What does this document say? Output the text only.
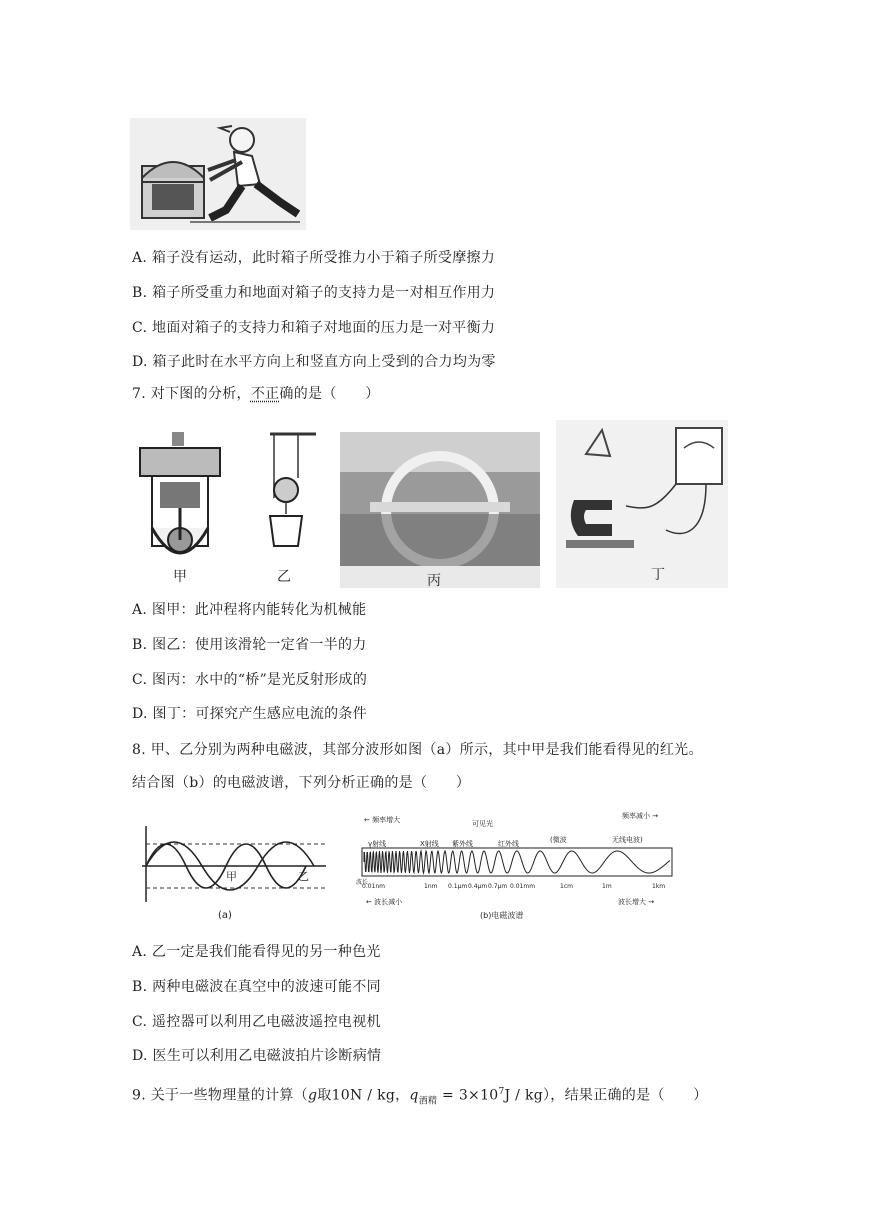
A. 箱子没有运动，此时箱子所受推力小于箱子所受摩擦力
B. 箱子所受重力和地面对箱子的支持力是一对相互作用力
C. 地面对箱子的支持力和箱子对地面的压力是一对平衡力
D. 箱子此时在水平方向上和竖直方向上受到的合力均为零
7. 对下图的分析，不正确的是（　　）
甲	乙	丙	丁
A. 图甲：此冲程将内能转化为机械能
B. 图乙：使用该滑轮一定省一半的力
C. 图丙：水中的“桥”是光反射形成的
D. 图丁：可探究产生感应电流的条件
8. 甲、乙分别为两种电磁波，其部分波形如图（a）所示，其中甲是我们能看得见的红光。
结合图（b）的电磁波谱，下列分析正确的是（　　）
甲	乙
(a)
← 频率增大	频率减小 →
γ射线	X射线 紫外线
可见光
红外线	(微波	无线电波)
波长
0.01nm	1nm 0.1μm 0.4μm 0.7μm 0.01mm	1cm	1m	1km
← 波长减小	波长增大 →
(b)电磁波谱
A. 乙一定是我们能看得见的另一种色光
B. 两种电磁波在真空中的波速可能不同
C. 遥控器可以利用乙电磁波遥控电视机
D. 医生可以利用乙电磁波拍片诊断病情
9. 关于一些物理量的计算（g取10N / kg，$q_{酒精} = 3\times 10^7J / kg$），结果正确的是（　　）
